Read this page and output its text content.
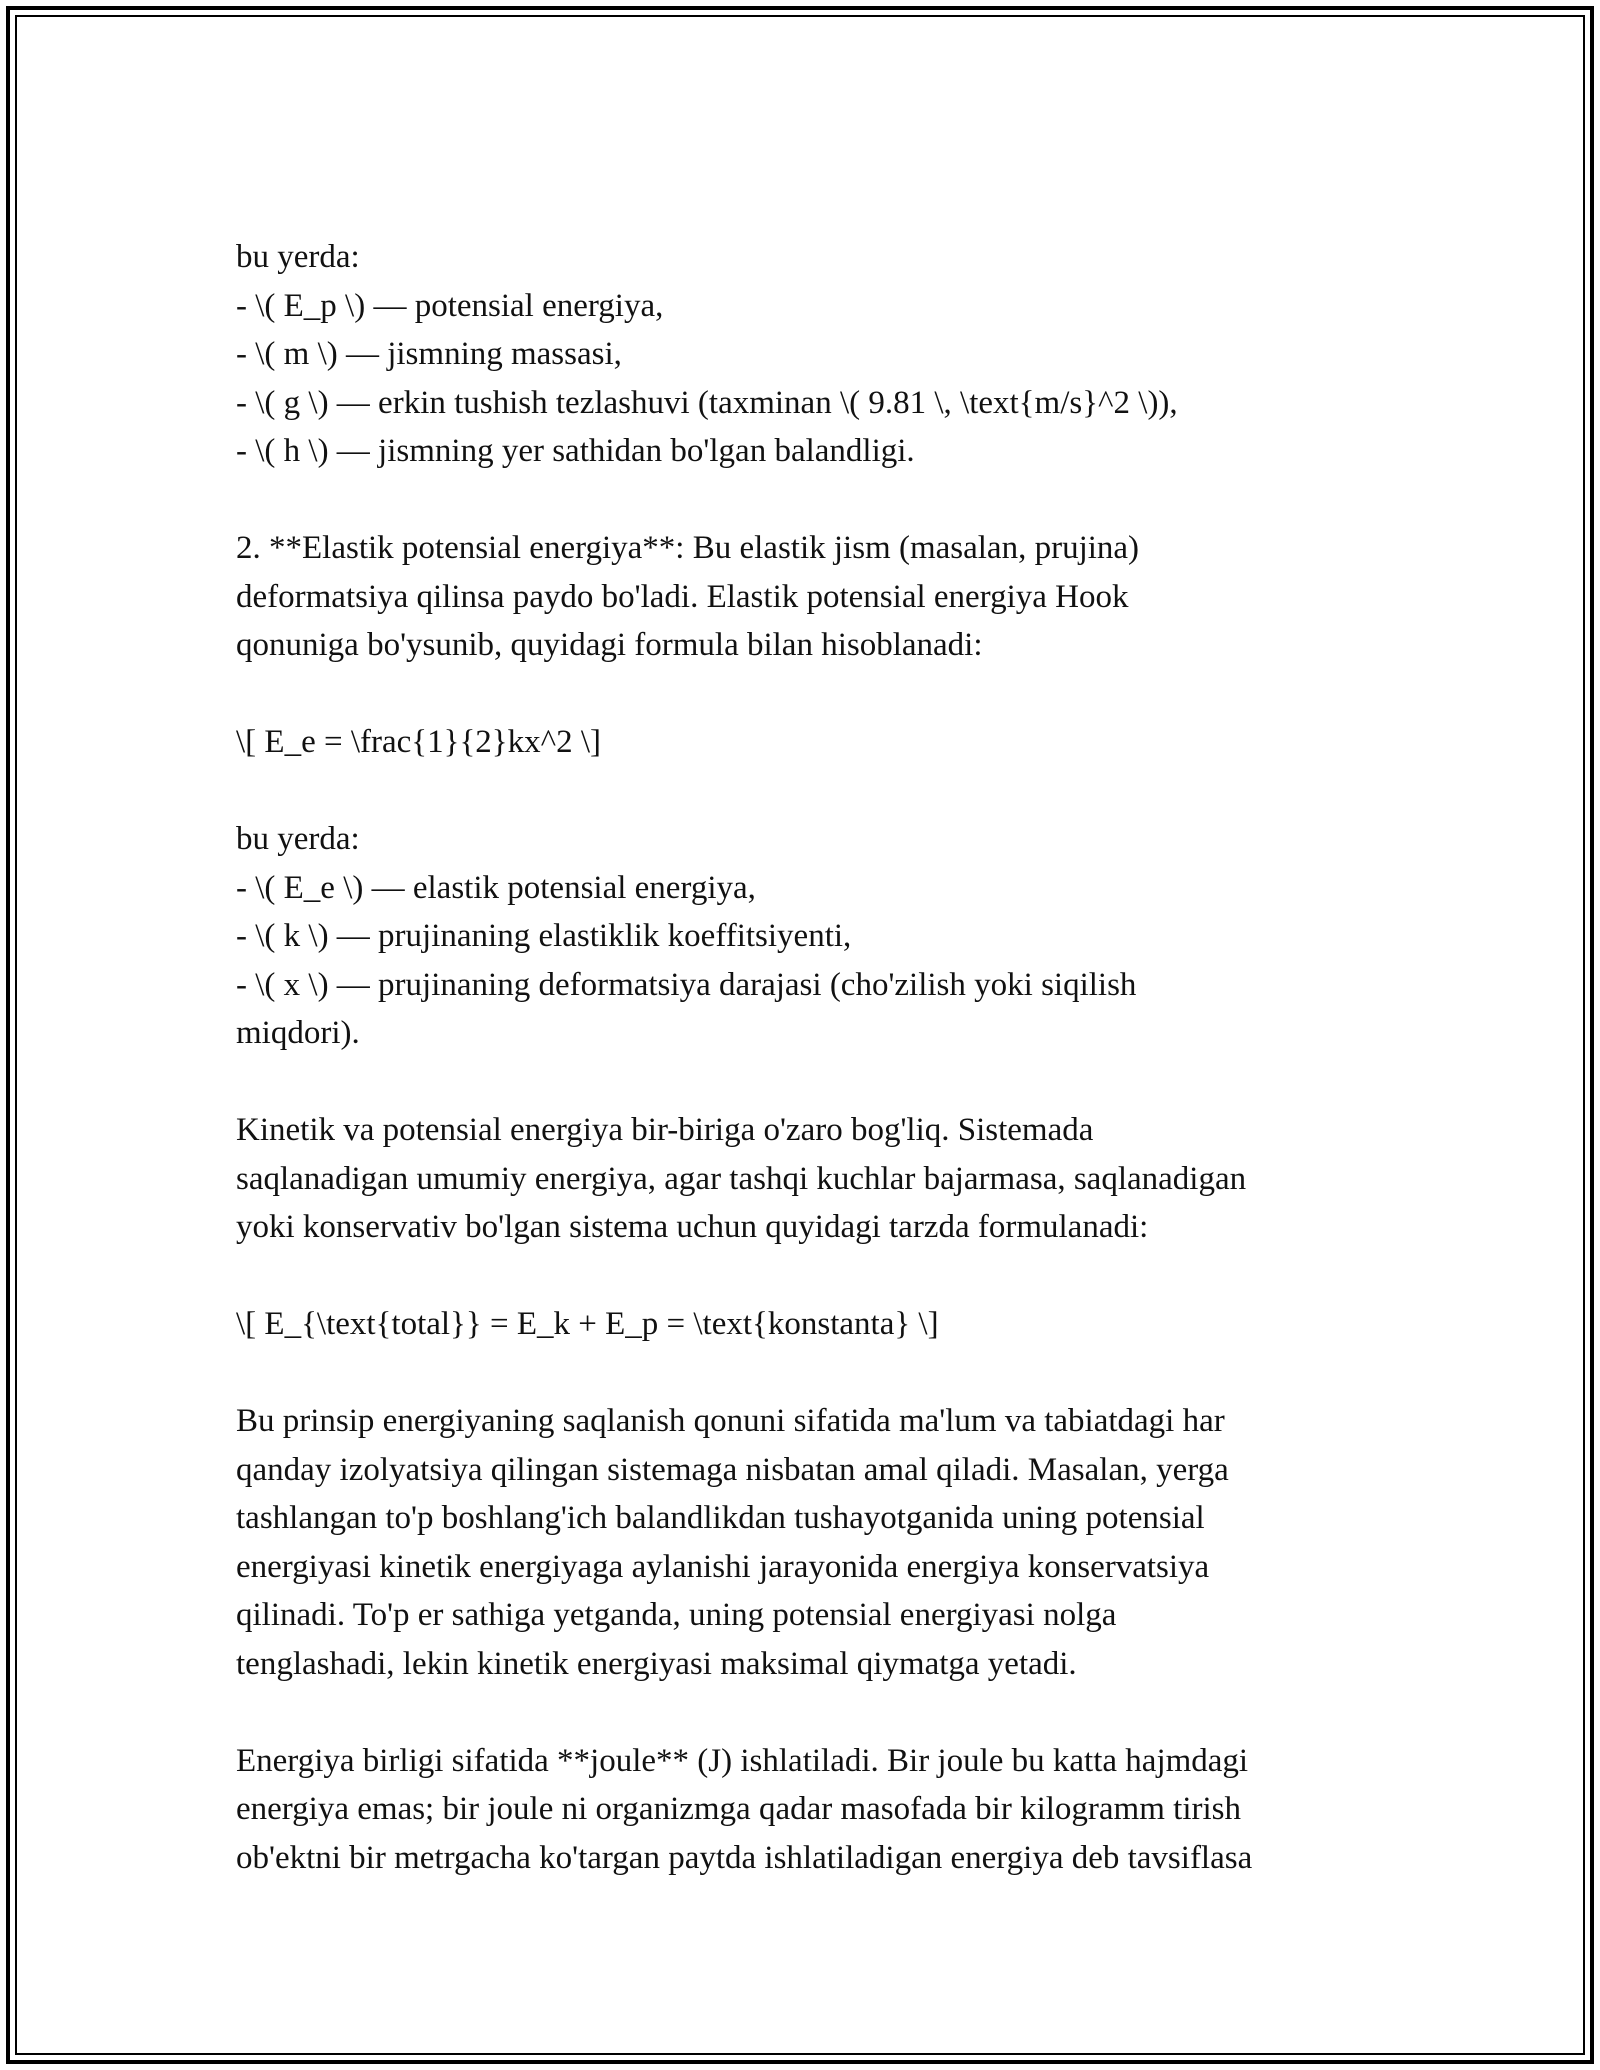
bu yerda:
- \( E_p \) — potensial energiya,
- \( m \) — jismning massasi,
- \( g \) — erkin tushish tezlashuvi (taxminan \( 9.81 \, \text{m/s}^2 \)),
- \( h \) — jismning yer sathidan bo'lgan balandligi.
2. **Elastik potensial energiya**: Bu elastik jism (masalan, prujina)
deformatsiya qilinsa paydo bo'ladi. Elastik potensial energiya Hook
qonuniga bo'ysunib, quyidagi formula bilan hisoblanadi:
\[ E_e = \frac{1}{2}kx^2 \]
bu yerda:
- \( E_e \) — elastik potensial energiya,
- \( k \) — prujinaning elastiklik koeffitsiyenti,
- \( x \) — prujinaning deformatsiya darajasi (cho'zilish yoki siqilish
miqdori).
Kinetik va potensial energiya bir-biriga o'zaro bog'liq. Sistemada
saqlanadigan umumiy energiya, agar tashqi kuchlar bajarmasa, saqlanadigan
yoki konservativ bo'lgan sistema uchun quyidagi tarzda formulanadi:
\[ E_{\text{total}} = E_k + E_p = \text{konstanta} \]
Bu prinsip energiyaning saqlanish qonuni sifatida ma'lum va tabiatdagi har
qanday izolyatsiya qilingan sistemaga nisbatan amal qiladi. Masalan, yerga
tashlangan to'p boshlang'ich balandlikdan tushayotganida uning potensial
energiyasi kinetik energiyaga aylanishi jarayonida energiya konservatsiya
qilinadi. To'p er sathiga yetganda, uning potensial energiyasi nolga
tenglashadi, lekin kinetik energiyasi maksimal qiymatga yetadi.
Energiya birligi sifatida **joule** (J) ishlatiladi. Bir joule bu katta hajmdagi
energiya emas; bir joule ni organizmga qadar masofada bir kilogramm tirish
ob'ektni bir metrgacha ko'targan paytda ishlatiladigan energiya deb tavsiflasa
